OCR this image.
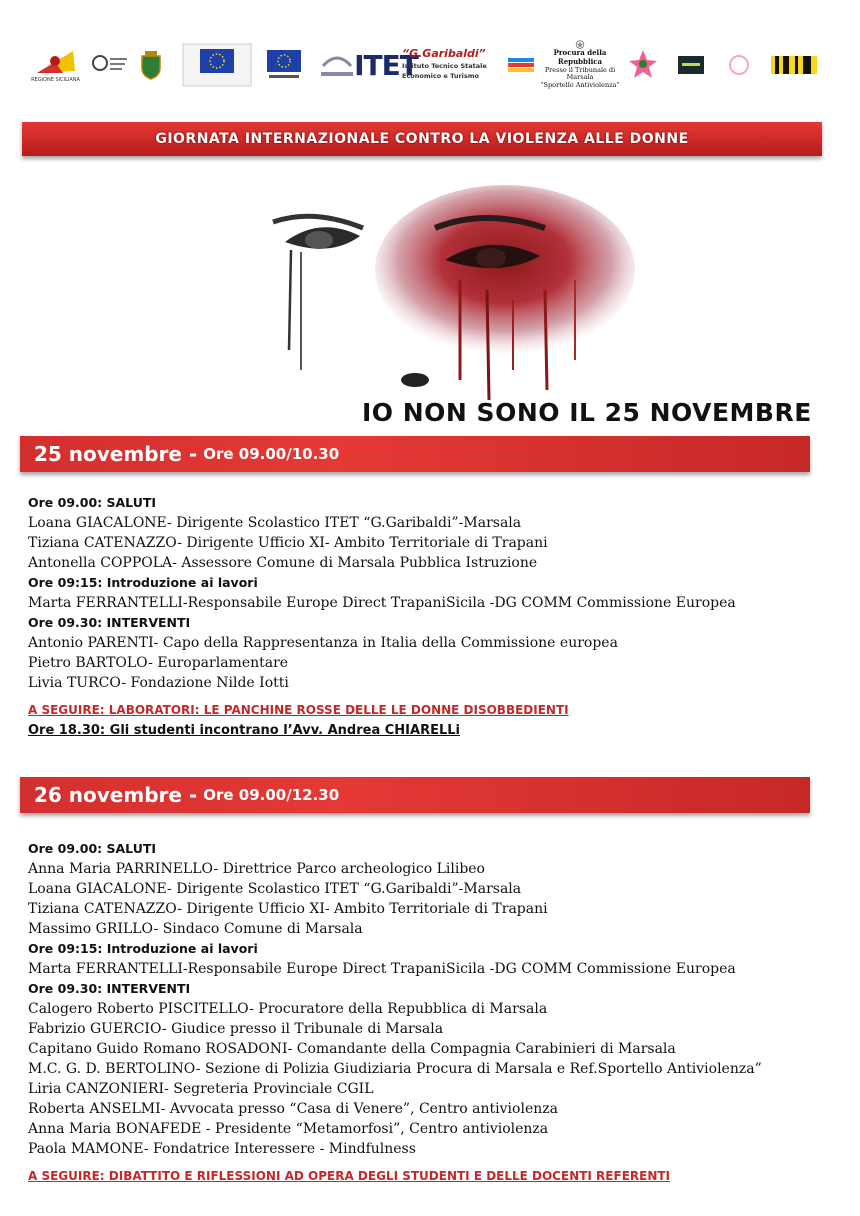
REGIONE SICILIANA	ITET
“G.Garibaldi”
Istituto Tecnico Statale
Economico e Turismo
Procura della Repubblica
Presso il Tribunale di Marsala
“Sportello Antiviolenza”
GIORNATA INTERNAZIONALE CONTRO LA VIOLENZA ALLE DONNE
IO NON SONO IL 25 NOVEMBRE
25 novembre - Ore 09.00/10.30
Ore 09.00: SALUTI
Loana GIACALONE- Dirigente Scolastico ITET “G.Garibaldi”-Marsala
Tiziana CATENAZZO- Dirigente Ufficio XI- Ambito Territoriale di Trapani
Antonella COPPOLA- Assessore Comune di Marsala Pubblica Istruzione
Ore 09:15: Introduzione ai lavori
Marta FERRANTELLI-Responsabile Europe Direct TrapaniSicila -DG COMM Commissione Europea
Ore 09.30: INTERVENTI
Antonio PARENTI- Capo della Rappresentanza in Italia della Commissione europea
Pietro BARTOLO- Europarlamentare
Livia TURCO- Fondazione Nilde Iotti
A SEGUIRE: LABORATORI: LE PANCHINE ROSSE DELLE LE DONNE DISOBBEDIENTI
Ore 18.30: Gli studenti incontrano l’Avv. Andrea CHIARELLi
26 novembre - Ore 09.00/12.30
Ore 09.00: SALUTI
Anna Maria PARRINELLO- Direttrice Parco archeologico Lilibeo
Loana GIACALONE- Dirigente Scolastico ITET “G.Garibaldi”-Marsala
Tiziana CATENAZZO- Dirigente Ufficio XI- Ambito Territoriale di Trapani
Massimo GRILLO- Sindaco Comune di Marsala
Ore 09:15: Introduzione ai lavori
Marta FERRANTELLI-Responsabile Europe Direct TrapaniSicila -DG COMM Commissione Europea
Ore 09.30: INTERVENTI
Calogero Roberto PISCITELLO- Procuratore della Repubblica di Marsala
Fabrizio GUERCIO- Giudice presso il Tribunale di Marsala
Capitano Guido Romano ROSADONI- Comandante della Compagnia Carabinieri di Marsala
M.C. G. D. BERTOLINO- Sezione di Polizia Giudiziaria Procura di Marsala e Ref.Sportello Antiviolenza”
Liria CANZONIERI- Segreteria Provinciale CGIL
Roberta ANSELMI- Avvocata presso “Casa di Venere”, Centro antiviolenza
Anna Maria BONAFEDE - Presidente “Metamorfosi”, Centro antiviolenza
Paola MAMONE- Fondatrice Interessere - Mindfulness
A SEGUIRE: DIBATTITO E RIFLESSIONI AD OPERA DEGLI STUDENTI E DELLE DOCENTI REFERENTI
